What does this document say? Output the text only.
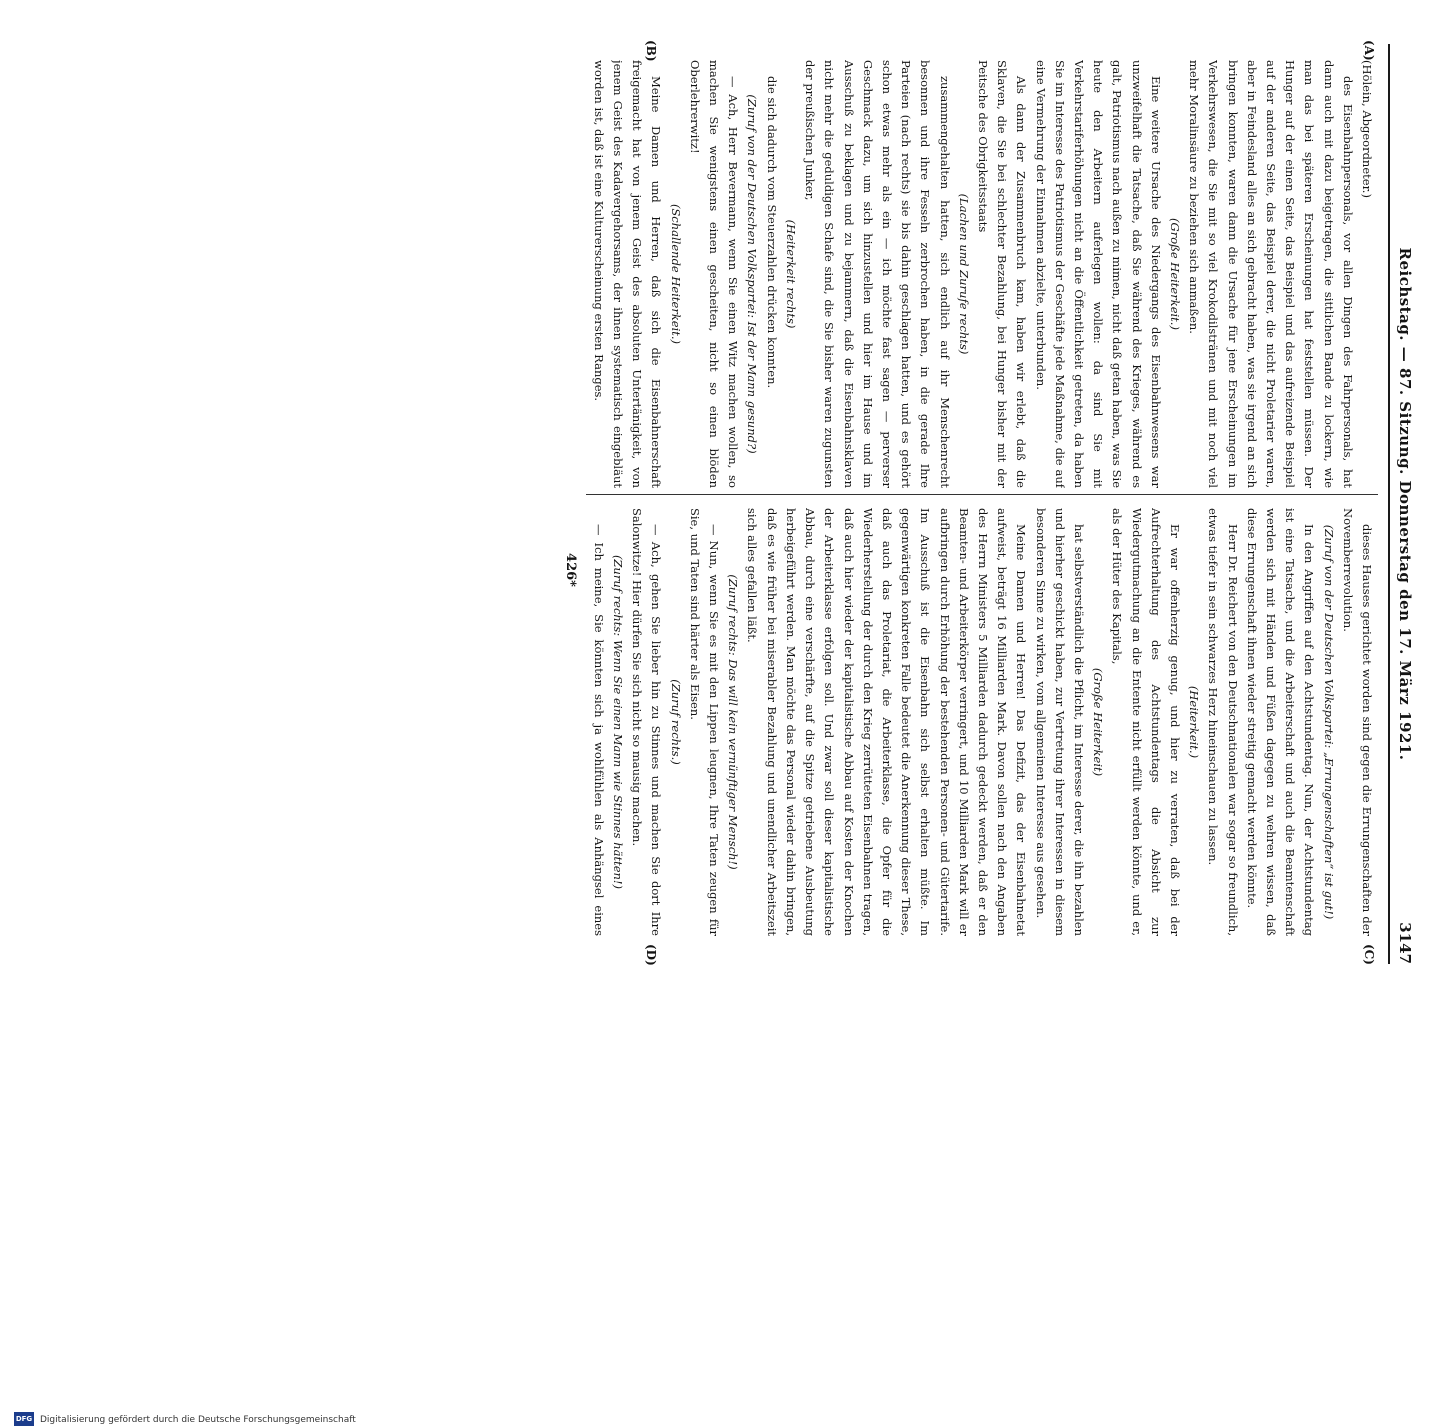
Reichstag. — 87. Sitzung. Donnerstag den 17. März 1921.
3147
(A)
(B)
(C)
(D)

(Hölein, Abgeordneter.)

des Eisenbahnpersonals, vor allen Dingen des Fahrpersonals, hat dann auch mit dazu beigetragen, die sittlichen Bande zu lockern, wie man das bei späteren Erscheinungen hat feststellen müssen. Der Hunger auf der einen Seite, das Beispiel und das aufreizende Beispiel auf der anderen Seite, das Beispiel derer, die nicht Proletarier waren, aber in Feindesland alles an sich gebracht haben, was sie irgend an sich bringen konnten, waren dann die Ursache für jene Erscheinungen im Verkehrswesen, die Sie mit so viel Krokodilstränen und mit noch viel mehr Moralinsäure zu beziehen sich anmaßen.

(Große Heiterkeit.)

Eine weitere Ursache des Niedergangs des Eisenbahnwesens war unzweifelhaft die Tatsache, daß Sie während des Krieges, während es galt, Patriotismus nach außen zu mimen, nicht daß getan haben, was Sie heute den Arbeitern auferlegen wollen: da sind Sie mit Verkehrstariferhöhungen nicht an die Öffentlichkeit getreten, da haben Sie im Interesse des Patriotismus der Geschäfte jede Maßnahme, die auf eine Vermehrung der Einnahmen abzielte, unterbunden.

Als dann der Zusammenbruch kam, haben wir erlebt, daß die Sklaven, die Sie bei schlechter Bezahlung, bei Hunger bisher mit der Peitsche des Obrigkeitsstaats

(Lachen und Zurufe rechts)

zusammengehalten hatten, sich endlich auf ihr Menschenrecht besonnen und ihre Fesseln zerbrochen haben, in die gerade Ihre Parteien (nach rechts) sie bis dahin geschlagen hatten, und es gehört schon etwas mehr als ein — ich möchte fast sagen — perverser Geschmack dazu, um sich hinzustellen und hier im Hause und im Ausschuß zu beklagen und zu bejammern, daß die Eisenbahnsklaven nicht mehr die geduldigen Schafe sind, die Sie bisher waren zugunsten der preußischen Junker,

(Heiterkeit rechts)

die sich dadurch vom Steuerzahlen drücken konnten.

(Zuruf von der Deutschen Volkspartei: Ist der Mann gesund?)

— Ach, Herr Bevermann, wenn Sie einen Witz machen wollen, so machen Sie wenigstens einen gescheiten, nicht so einen blöden Oberlehrerwitz!

(Schallende Heiterkeit.)

Meine Damen und Herren, daß sich die Eisenbahnerschaft freigemacht hat von jenem Geist des absoluten Untertänigkeit, von jenem Geist des Kadavergehorsams, der ihnen systematisch eingebläut worden ist, daß ist eine Kulturerscheinung ersten Ranges.

dieses Hauses gerichtet worden sind gegen die Errungenschaften der Novemberrevolution.

(Zuruf von der Deutschen Volkspartei: „Errungenschaften“ ist gut!)

In den Angriffen auf den Achtstundentag. Nun, der Achtstundentag ist eine Tatsache, und die Arbeiterschaft und auch die Beamtenschaft werden sich mit Händen und Füßen dagegen zu wehren wissen, daß diese Errungenschaft ihnen wieder streitig gemacht werden könnte.

Herr Dr. Reichert von den Deutschnationalen war sogar so freundlich, etwas tiefer in sein schwarzes Herz hineinschauen zu lassen.

(Heiterkeit.)

Er war offenherzig genug, und hier zu verraten, daß bei der Aufrechterhaltung des Achtstundentags die Absicht zur Wiedergutmachung an die Entente nicht erfüllt werden könnte, und er, als der Hüter des Kapitals,

(Große Heiterkeit)

hat selbstverständlich die Pflicht, im Interesse derer, die ihn bezahlen und hierher geschickt haben, zur Vertretung ihrer Interessen in diesem besonderen Sinne zu wirken, vom allgemeinen Interesse aus gesehen.

Meine Damen und Herren! Das Defizit, das der Eisenbahnetat aufweist, beträgt 16 Milliarden Mark. Davon sollen nach den Angaben des Herrn Ministers 5 Milliarden dadurch gedeckt werden, daß er den Beamten- und Arbeiterkörper verringert, und 10 Milliarden Mark will er aufbringen durch Erhöhung der bestehenden Personen- und Gütertarife. Im Ausschuß ist die Eisenbahn sich selbst erhalten müßte. Im gegenwärtigen konkreten Falle bedeutet die Anerkennung dieser These, daß auch das Proletariat, die Arbeiterklasse, die Opfer für die Wiederherstellung der durch den Krieg zerrütteten Eisenbahnen tragen, daß auch hier wieder der kapitalistische Abbau auf Kosten der Knochen der Arbeiterklasse erfolgen soll. Und zwar soll dieser kapitalistische Abbau, durch eine verschärfte, auf die Spitze getriebene Ausbeutung herbeigeführt werden. Man möchte das Personal wieder dahin bringen, daß es wie früher bei miserabler Bezahlung und unendlicher Arbeitszeit sich alles gefallen läßt.

(Zuruf rechts: Das will kein vernünftiger Mensch!)

— Nun, wenn Sie es mit den Lippen leugnen, Ihre Taten zeugen für Sie, und Taten sind härter als Eisen.

(Zuruf rechts.)

— Ach, gehen Sie lieber hin zu Stinnes und machen Sie dort Ihre Salonwitze! Hier dürfen Sie sich nicht so mausig machen.

(Zuruf rechts: Wenn Sie einen Mann wie Stinnes hätten!)

— Ich meine, Sie könnten sich ja wohlfühlen als Anhängsel eines

426*
DFG Digitalisierung gefördert durch die Deutsche Forschungsgemeinschaft
